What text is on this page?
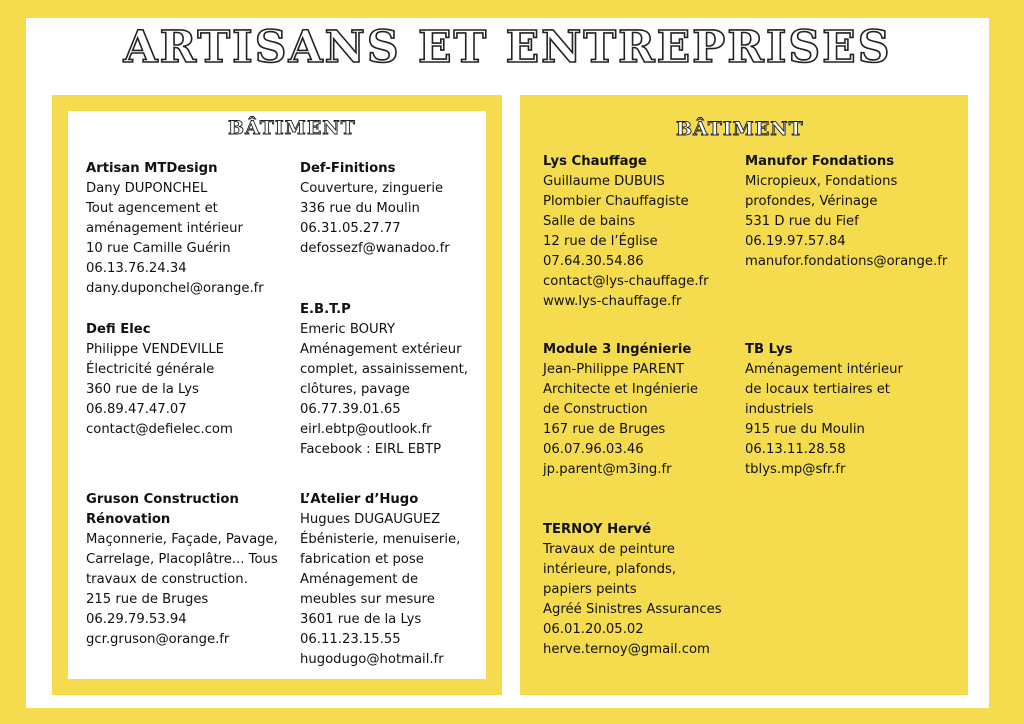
ARTISANS ET ENTREPRISES
BÂTIMENT
Artisan MTDesign
Dany DUPONCHEL
Tout agencement et
aménagement intérieur
10 rue Camille Guérin
06.13.76.24.34
dany.duponchel@orange.fr
Defi Elec
Philippe VENDEVILLE
Électricité générale
360 rue de la Lys
06.89.47.47.07
contact@defielec.com
Gruson Construction
Rénovation
Maçonnerie, Façade, Pavage,
Carrelage, Placoplâtre... Tous
travaux de construction.
215 rue de Bruges
06.29.79.53.94
gcr.gruson@orange.fr
Def-Finitions
Couverture, zinguerie
336 rue du Moulin
06.31.05.27.77
defossezf@wanadoo.fr
E.B.T.P
Emeric BOURY
Aménagement extérieur
complet, assainissement,
clôtures, pavage
06.77.39.01.65
eirl.ebtp@outlook.fr
Facebook : EIRL EBTP
L’Atelier d’Hugo
Hugues DUGAUGUEZ
Ébénisterie, menuiserie,
fabrication et pose
Aménagement de
meubles sur mesure
3601 rue de la Lys
06.11.23.15.55
hugodugo@hotmail.fr
BÂTIMENT
Lys Chauffage
Guillaume DUBUIS
Plombier Chauffagiste
Salle de bains
12 rue de l’Église
07.64.30.54.86
contact@lys-chauffage.fr
www.lys-chauffage.fr
Module 3 Ingénierie
Jean-Philippe PARENT
Architecte et Ingénierie
de Construction
167 rue de Bruges
06.07.96.03.46
jp.parent@m3ing.fr
TERNOY Hervé
Travaux de peinture
intérieure, plafonds,
papiers peints
Agréé Sinistres Assurances
06.01.20.05.02
herve.ternoy@gmail.com
Manufor Fondations
Micropieux, Fondations
profondes, Vérinage
531 D rue du Fief
06.19.97.57.84
manufor.fondations@orange.fr
TB Lys
Aménagement intérieur
de locaux tertiaires et
industriels
915 rue du Moulin
06.13.11.28.58
tblys.mp@sfr.fr
